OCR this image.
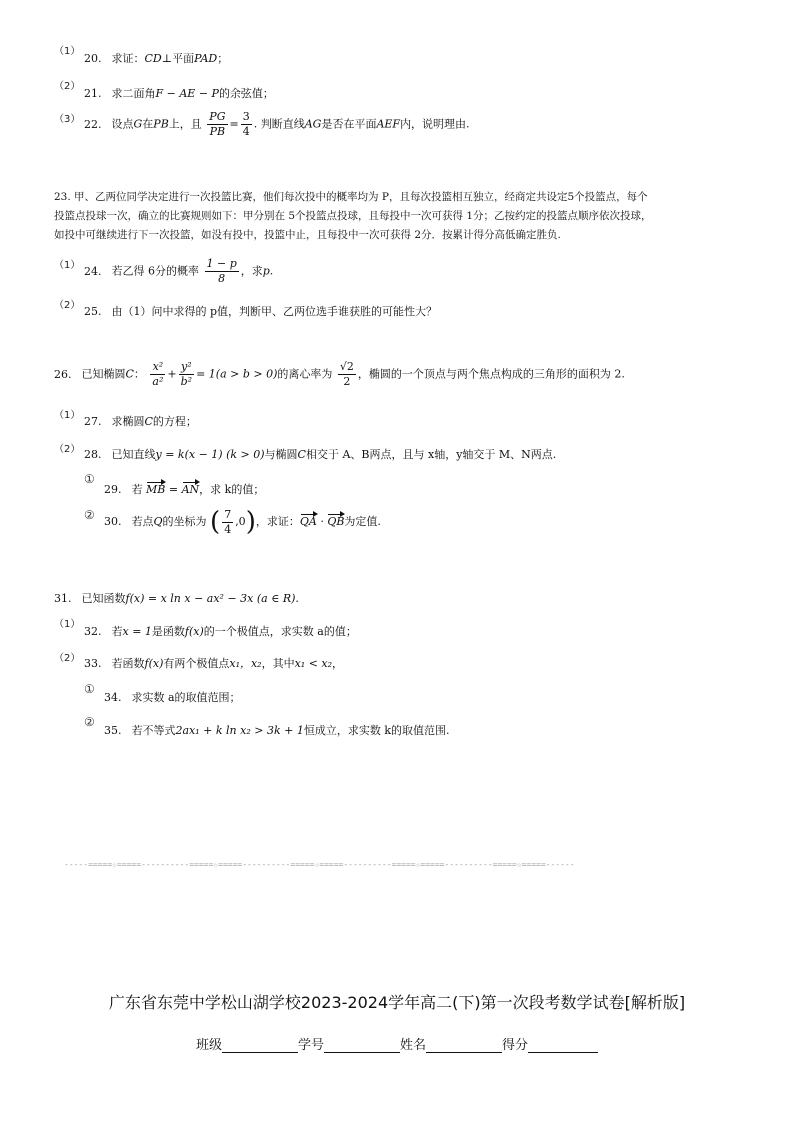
（1）
20. 求证：CD⊥平面PAD；
（2）
21. 求二面角F − AE − P的余弦值；
（3） 22. 设点G在PB上，且 $\frac{PG}{PB} = \frac{3}{4}$ . 判断直线AG是否在平面AEF内，说明理由.
23. 甲、乙两位同学决定进行一次投篮比赛，他们每次投中的概率均为 P，且每次投篮相互独立，经商定共设定5个投篮点，每个
投篮点投球一次，确立的比赛规则如下：甲分别在 5个投篮点投球，且每投中一次可获得 1分；乙按约定的投篮点顺序依次投球，
如投中可继续进行下一次投篮，如没有投中，投篮中止，且每投中一次可获得 2分．按累计得分高低确定胜负.
（1） 24. 若乙得 6分的概率 $\frac{1 - p}{8}$ ，求p.
（2） 25. 由（1）问中求得的 p值，判断甲、乙两位选手谁获胜的可能性大？
26. 已知椭圆C： $\frac{\text{x²}}{\text{a²}} + \frac{\text{y²}}{\text{b²}} = 1(a > b > 0)$的离心率为 $\frac{√2}{2}$ ，椭圆的一个顶点与两个焦点构成的三角形的面积为 2.
（1） 27. 求椭圆C的方程；
（2） 28. 已知直线y = k(x − 1) (k > 0)与椭圆C相交于 A、B两点，且与 x轴，y轴交于 M、N两点.
①
29. 若 MB = AN，求 k的值；
② 30. 若点Q的坐标为 ( $\frac{7}{4} ,0$)，求证：QA · QB为定值.
31. 已知函数f(x) = x ln x − ax² − 3x (a ∈ R).
（1）
32. 若x = 1是函数f(x)的一个极值点，求实数 a的值；
（2） 33. 若函数f(x)有两个极值点x₁，x₂，其中x₁ < x₂，
①
34. 求实数 a的取值范围；
②
35. 若不等式2ax₁ + k ln x₂ > 3k + 1恒成立，求实数 k的取值范围.
-----=====☆=====----------=====☆=====----------=====☆=====----------=====☆=====----------=====☆=====------
广东省东莞中学松山湖学校2023-2024学年高二(下)第一次段考数学试卷[解析版]
班级	学号	姓名	得分
